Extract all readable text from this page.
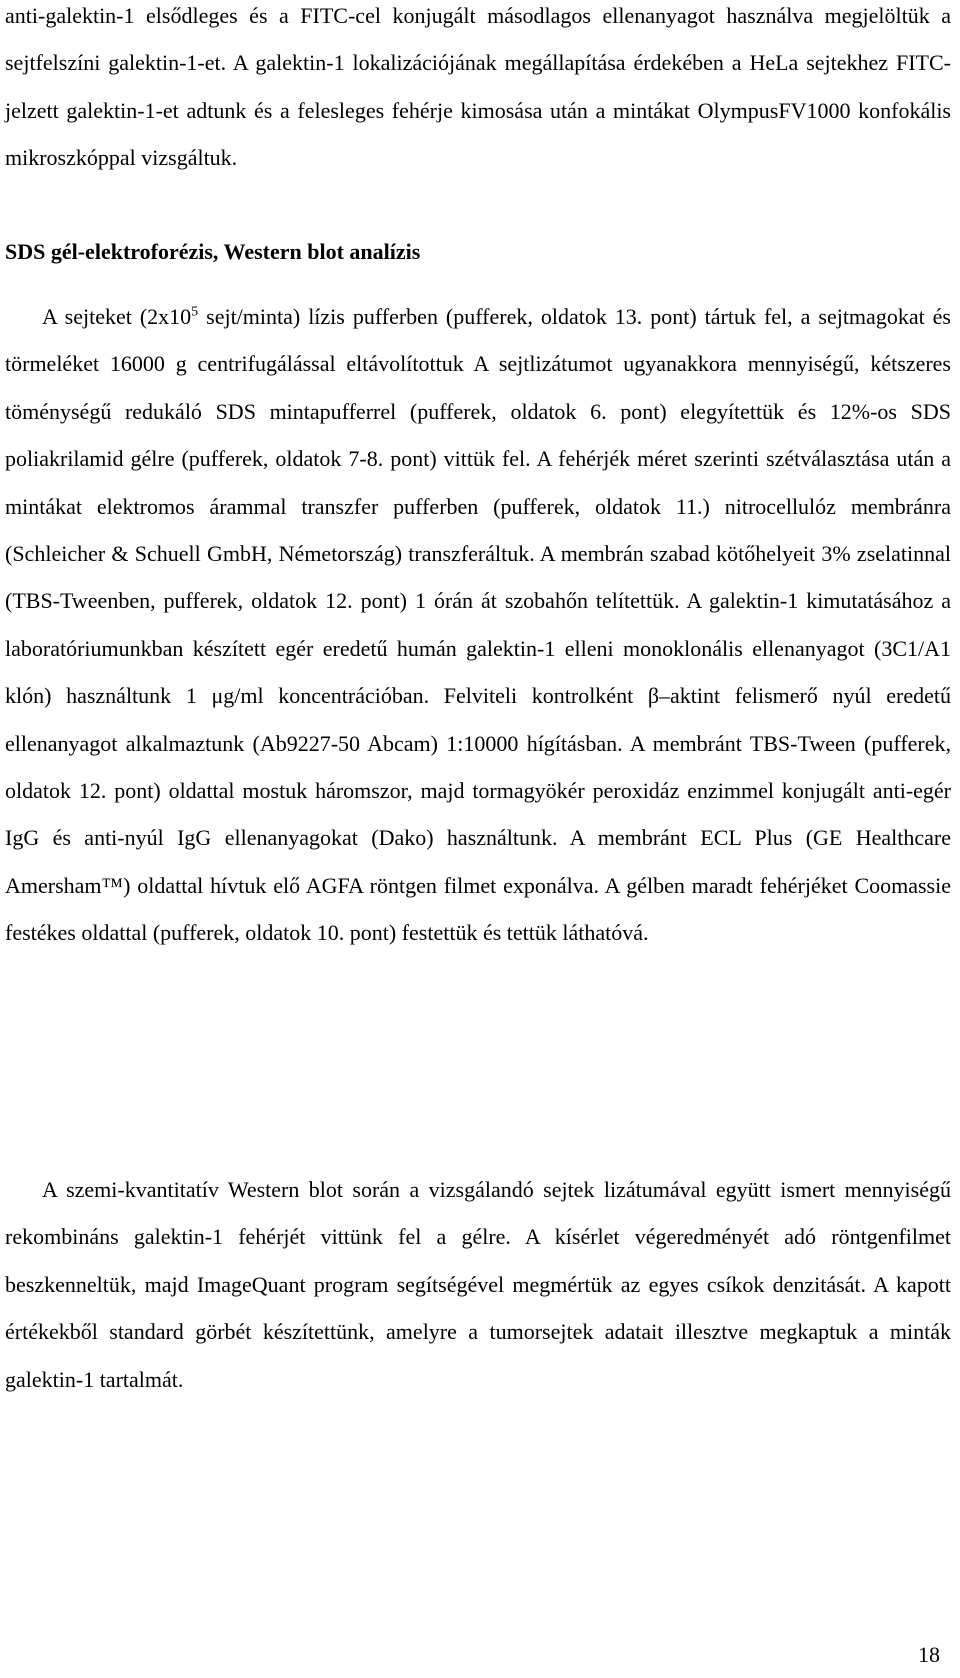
anti-galektin-1 elsődleges és a FITC-cel konjugált másodlagos ellenanyagot használva megjelöltük a sejtfelszíni galektin-1-et. A galektin-1 lokalizációjának megállapítása érdekében a HeLa sejtekhez FITC-jelzett galektin-1-et adtunk és a felesleges fehérje kimosása után a mintákat OlympusFV1000 konfokális mikroszkóppal vizsgáltuk.

SDS gél-elektroforézis, Western blot analízis

A sejteket ($2x10^5$ sejt/minta) lízis pufferben (pufferek, oldatok 13. pont) tártuk fel, a sejtmagokat és törmeléket 16000 g centrifugálással eltávolítottuk A sejtlizátumot ugyanakkora mennyiségű, kétszeres töménységű redukáló SDS mintapufferrel (pufferek, oldatok 6. pont) elegyítettük és 12%-os SDS poliakrilamid gélre (pufferek, oldatok 7-8. pont) vittük fel. A fehérjék méret szerinti szétválasztása után a mintákat elektromos árammal transzfer pufferben (pufferek, oldatok 11.) nitrocellulóz membránra (Schleicher & Schuell GmbH, Németország) transzferáltuk. A membrán szabad kötőhelyeit 3% zselatinnal (TBS-Tweenben, pufferek, oldatok 12. pont) 1 órán át szobahőn telítettük. A galektin-1 kimutatásához a laboratóriumunkban készített egér eredetű humán galektin-1 elleni monoklonális ellenanyagot (3C1/A1 klón) használtunk 1 μg/ml koncentrációban. Felviteli kontrolként β–aktint felismerő nyúl eredetű ellenanyagot alkalmaztunk (Ab9227-50 Abcam) 1:10000 hígításban. A membránt TBS-Tween (pufferek, oldatok 12. pont) oldattal mostuk háromszor, majd tormagyökér peroxidáz enzimmel konjugált anti-egér IgG és anti-nyúl IgG ellenanyagokat (Dako) használtunk. A membránt ECL Plus (GE Healthcare Amersham™) oldattal hívtuk elő AGFA röntgen filmet exponálva. A gélben maradt fehérjéket Coomassie festékes oldattal (pufferek, oldatok 10. pont) festettük és tettük láthatóvá.

A szemi-kvantitatív Western blot során a vizsgálandó sejtek lizátumával együtt ismert mennyiségű rekombináns galektin-1 fehérjét vittünk fel a gélre. A kísérlet végeredményét adó röntgenfilmet beszkenneltük, majd ImageQuant program segítségével megmértük az egyes csíkok denzitását. A kapott értékekből standard görbét készítettünk, amelyre a tumorsejtek adatait illesztve megkaptuk a minták galektin-1 tartalmát.

18
